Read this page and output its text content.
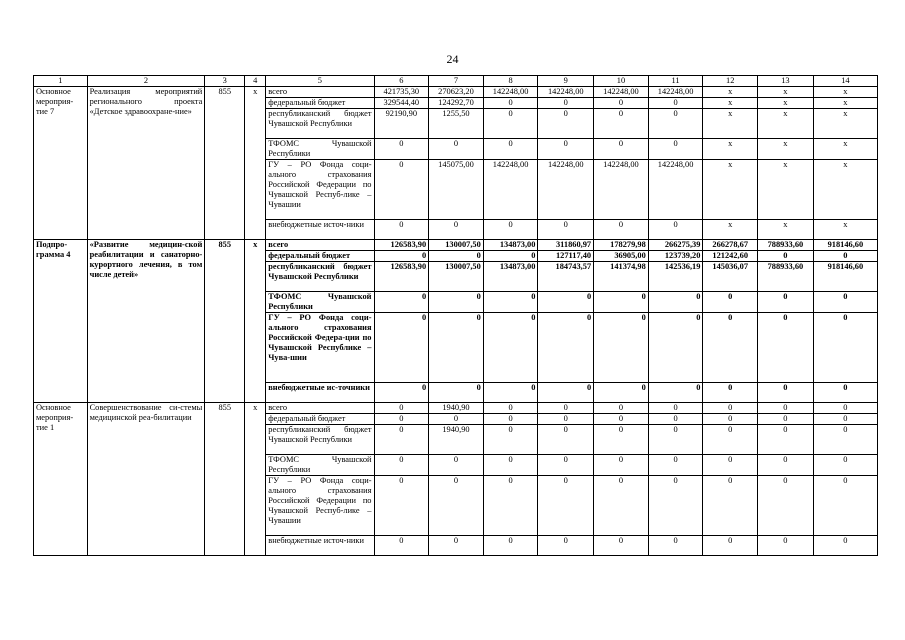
24
1	2	3	4	5	6	7	8	9	10	11	12	13	14
Основное мероприя-тие 7	Реализация мероприятий регионального проекта «Детское здравоохране-ние»	855	x	всего	421735,30	270623,20	142248,00	142248,00	142248,00	142248,00	x	x	x
				федеральный бюджет	329544,40	124292,70	0	0	0	0	x	x	x
				республиканский бюджет Чувашской Республики	92190,90	1255,50	0	0	0	0	x	x	x
				ТФОМС Чувашской Республики	0	0	0	0	0	0	x	x	x
				ГУ – РО Фонда соци-ального страхования Российской Федерации по Чувашской Респуб-лике – Чувашии	0	145075,00	142248,00	142248,00	142248,00	142248,00	x	x	x
				внебюджетные источ-ники	0	0	0	0	0	0	x	x	x
Подпро-грамма 4	«Развитие медицин-ской реабилитации и санаторно-курортного лечения, в том числе детей»	855	x	всего	126583,90	130007,50	134873,00	311860,97	178279,98	266275,39	266278,67	788933,60	918146,60
				федеральный бюджет	0	0	0	127117,40	36905,00	123739,20	121242,60	0	0
				республиканский бюджет Чувашской Республики	126583,90	130007,50	134873,00	184743,57	141374,98	142536,19	145036,07	788933,60	918146,60
				ТФОМС Чувашской Республики	0	0	0	0	0	0	0	0	0
				ГУ – РО Фонда соци-ального страхования Российской Федера-ции по Чувашской Республике – Чува-шии	0	0	0	0	0	0	0	0	0
				внебюджетные ис-точники	0	0	0	0	0	0	0	0	0
Основное мероприя-тие 1	Совершенствование си-стемы медицинской реа-билитации	855	x	всего	0	1940,90	0	0	0	0	0	0	0
				федеральный бюджет	0	0	0	0	0	0	0	0	0
				республиканский бюджет Чувашской Республики	0	1940,90	0	0	0	0	0	0	0
				ТФОМС Чувашской Республики	0	0	0	0	0	0	0	0	0
				ГУ – РО Фонда соци-ального страхования Российской Федерации по Чувашской Респуб-лике – Чувашии	0	0	0	0	0	0	0	0	0
				внебюджетные источ-ники	0	0	0	0	0	0	0	0	0
